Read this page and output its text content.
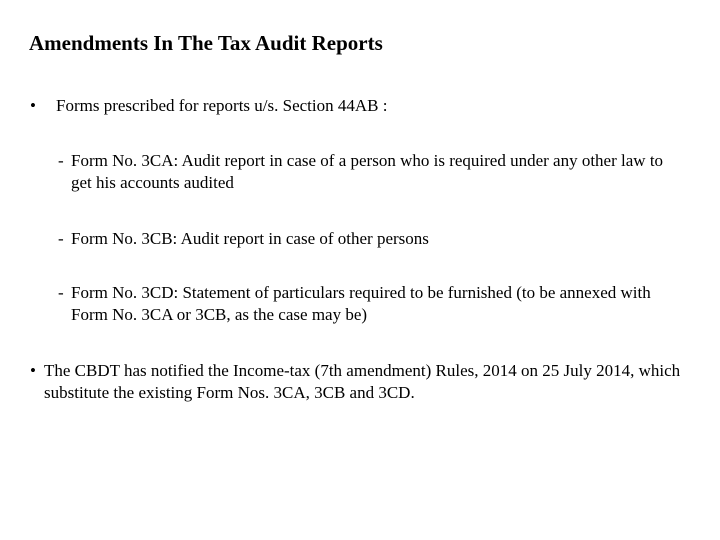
Amendments In The Tax Audit Reports
• Forms prescribed for reports u/s. Section 44AB :
- Form No. 3CA: Audit report in case of a person who is required under any other law to get his accounts audited
- Form No. 3CB: Audit report in case of other persons
- Form No. 3CD: Statement of particulars required to be furnished (to be annexed with Form No. 3CA or 3CB, as the case may be)
• The CBDT has notified the Income-tax (7th amendment) Rules, 2014 on 25 July 2014, which substitute the existing Form Nos. 3CA, 3CB and 3CD.
